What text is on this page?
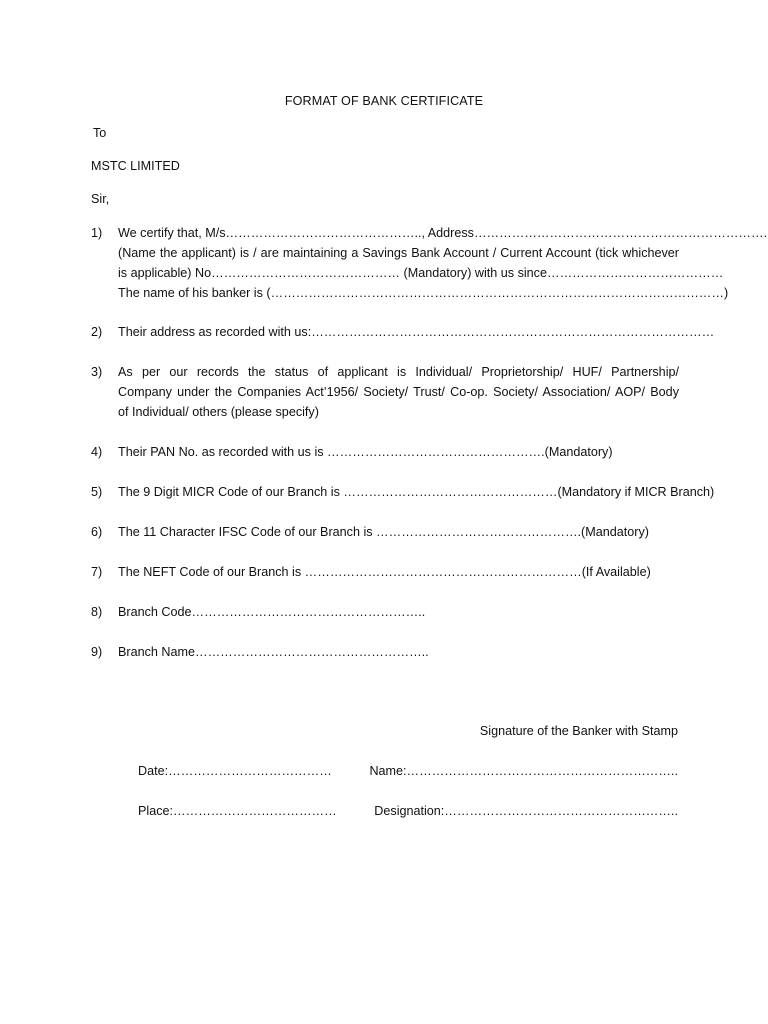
FORMAT OF BANK CERTIFICATE
To
MSTC LIMITED
Sir,
1) We certify that, M/s……………………………………….., Address…………………………………………………………….
(Name the applicant) is / are maintaining a Savings Bank Account / Current Account (tick whichever
is applicable) No……………………………………… (Mandatory) with us since……………………………………
The name of his banker is (………………………………………………………………………………………………)
2) Their address as recorded with us:……………………………………………………………………………………
3) As per our records the status of applicant is Individual/ Proprietorship/ HUF/ Partnership/
Company under the Companies Act’1956/ Society/ Trust/ Co-op. Society/ Association/ AOP/ Body
of Individual/ others (please specify)
4) Their PAN No. as recorded with us is …………………………………………….(Mandatory)
5) The 9 Digit MICR Code of our Branch is ……………………………………………(Mandatory if MICR Branch)
6) The 11 Character IFSC Code of our Branch is ………………………………………….(Mandatory)
7) The NEFT Code of our Branch is …………………………………………………………(If Available)
8) Branch Code………………………………………………..
9) Branch Name………………………………………………..
Signature of the Banker with Stamp
Date:…………………………………	Name:………………………………………………………..
Place:…………………………………	Designation:………………………………………………..
